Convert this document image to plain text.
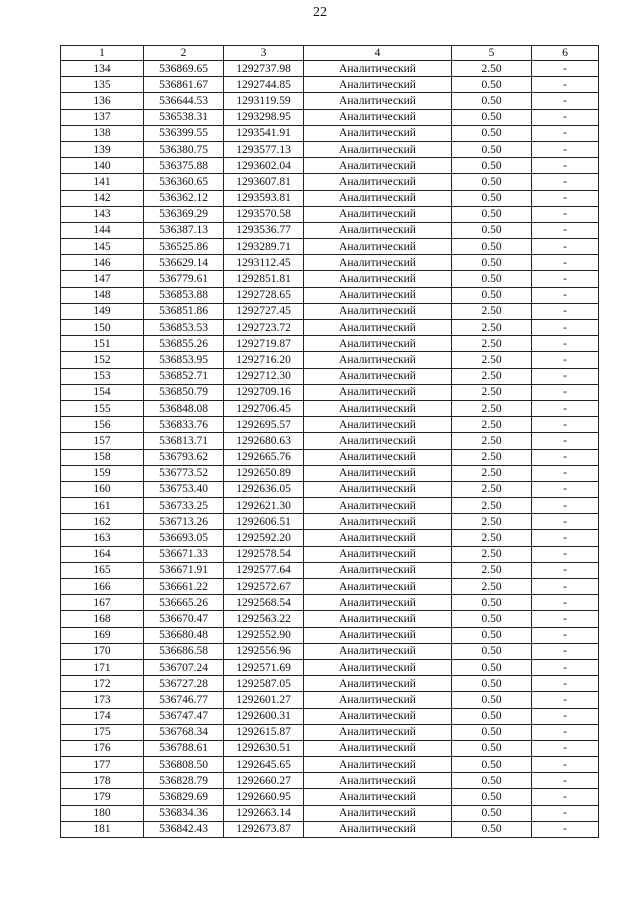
22
1	2	3	4	5	6
134	536869.65	1292737.98	Аналитический	2.50	-
135	536861.67	1292744.85	Аналитический	0.50	-
136	536644.53	1293119.59	Аналитический	0.50	-
137	536538.31	1293298.95	Аналитический	0.50	-
138	536399.55	1293541.91	Аналитический	0.50	-
139	536380.75	1293577.13	Аналитический	0.50	-
140	536375.88	1293602.04	Аналитический	0.50	-
141	536360.65	1293607.81	Аналитический	0.50	-
142	536362.12	1293593.81	Аналитический	0.50	-
143	536369.29	1293570.58	Аналитический	0.50	-
144	536387.13	1293536.77	Аналитический	0.50	-
145	536525.86	1293289.71	Аналитический	0.50	-
146	536629.14	1293112.45	Аналитический	0.50	-
147	536779.61	1292851.81	Аналитический	0.50	-
148	536853.88	1292728.65	Аналитический	0.50	-
149	536851.86	1292727.45	Аналитический	2.50	-
150	536853.53	1292723.72	Аналитический	2.50	-
151	536855.26	1292719.87	Аналитический	2.50	-
152	536853.95	1292716.20	Аналитический	2.50	-
153	536852.71	1292712.30	Аналитический	2.50	-
154	536850.79	1292709.16	Аналитический	2.50	-
155	536848.08	1292706.45	Аналитический	2.50	-
156	536833.76	1292695.57	Аналитический	2.50	-
157	536813.71	1292680.63	Аналитический	2.50	-
158	536793.62	1292665.76	Аналитический	2.50	-
159	536773.52	1292650.89	Аналитический	2.50	-
160	536753.40	1292636.05	Аналитический	2.50	-
161	536733.25	1292621.30	Аналитический	2.50	-
162	536713.26	1292606.51	Аналитический	2.50	-
163	536693.05	1292592.20	Аналитический	2.50	-
164	536671.33	1292578.54	Аналитический	2.50	-
165	536671.91	1292577.64	Аналитический	2.50	-
166	536661.22	1292572.67	Аналитический	2.50	-
167	536665.26	1292568.54	Аналитический	0.50	-
168	536670.47	1292563.22	Аналитический	0.50	-
169	536680.48	1292552.90	Аналитический	0.50	-
170	536686.58	1292556.96	Аналитический	0.50	-
171	536707.24	1292571.69	Аналитический	0.50	-
172	536727.28	1292587.05	Аналитический	0.50	-
173	536746.77	1292601.27	Аналитический	0.50	-
174	536747.47	1292600.31	Аналитический	0.50	-
175	536768.34	1292615.87	Аналитический	0.50	-
176	536788.61	1292630.51	Аналитический	0.50	-
177	536808.50	1292645.65	Аналитический	0.50	-
178	536828.79	1292660.27	Аналитический	0.50	-
179	536829.69	1292660.95	Аналитический	0.50	-
180	536834.36	1292663.14	Аналитический	0.50	-
181	536842.43	1292673.87	Аналитический	0.50	-
